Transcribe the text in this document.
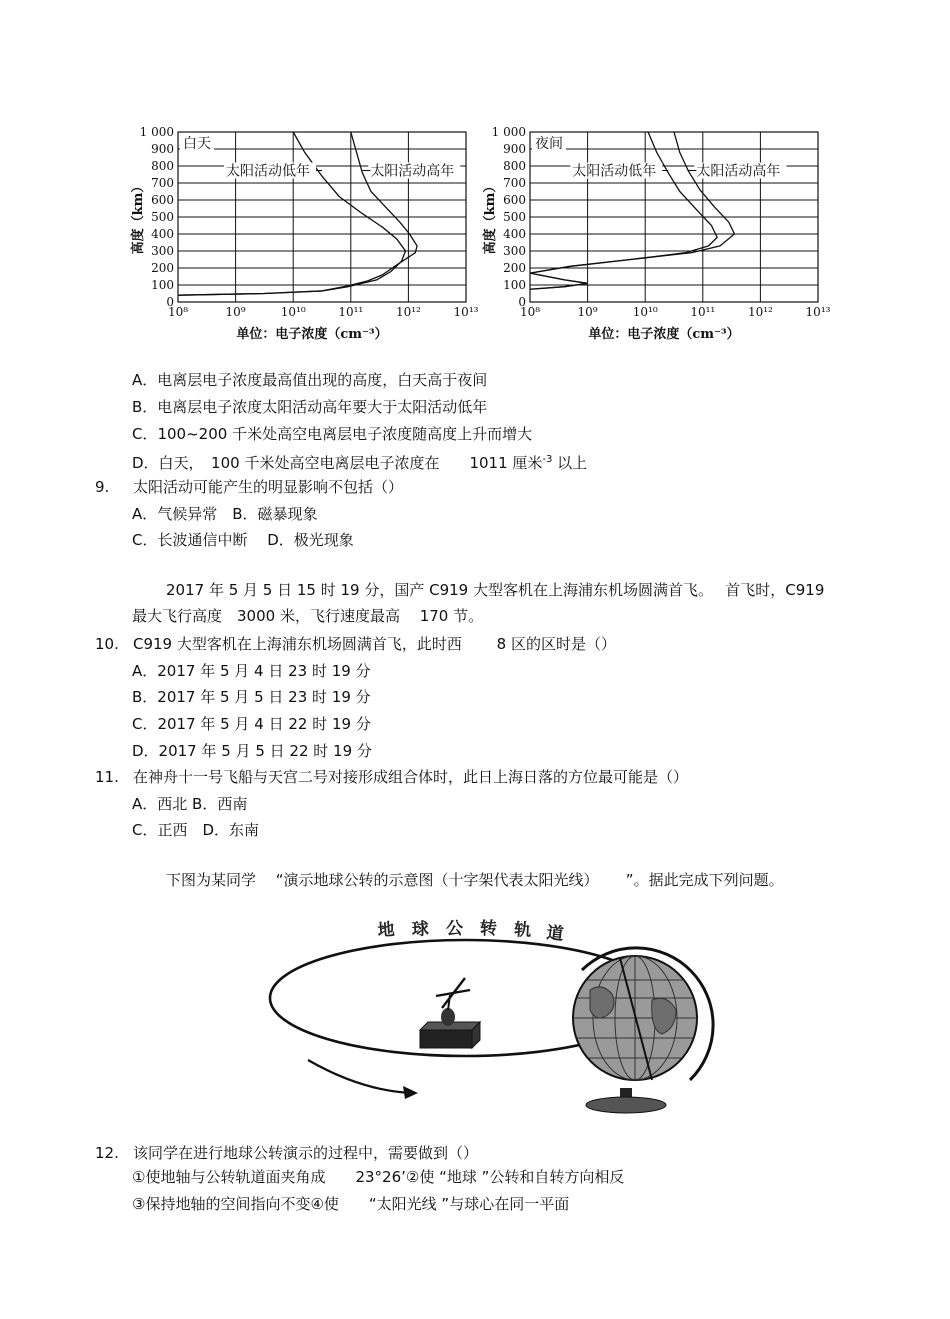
0
100
200
300
400
500
600
700
800
900
1 000
10⁸	10⁹	10¹⁰	10¹¹	10¹²	10¹³
高度（km）
单位：电子浓度（cm⁻³）
白天
太阳活动低年	太阳活动高年
0
100
200
300
400
500
600
700
800
900
1 000
10⁸	10⁹	10¹⁰	10¹¹	10¹²	10¹³
高度（km）
单位：电子浓度（cm⁻³）
夜间
太阳活动低年	太阳活动高年
A．电离层电子浓度最高值出现的高度，白天高于夜间
B．电离层电子浓度太阳活动高年要大于太阳活动低年
C．100~200 千米处高空电离层电子浓度随高度上升而增大
D．白天，　100 千米处高空电离层电子浓度在　　1011 厘米$^{-3}$ 以上
9. 太阳活动可能产生的明显影响不包括（）
A．气候异常　B．磁暴现象
C．长波通信中断　 D．极光现象
2017 年 5 月 5 日 15 时 19 分，国产 C919 大型客机在上海浦东机场圆满首飞。　 首飞时，C919
最大飞行高度　3000 米，飞行速度最高　 170 节。
10. C919 大型客机在上海浦东机场圆满首飞，此时西　　 8 区的区时是（）
A．2017 年 5 月 4 日 23 时 19 分
B．2017 年 5 月 5 日 23 时 19 分
C．2017 年 5 月 4 日 22 时 19 分
D．2017 年 5 月 5 日 22 时 19 分
11. 在神舟十一号飞船与天宫二号对接形成组合体时，此日上海日落的方位最可能是（）
A．西北 B．西南
C．正西　D．东南
下图为某同学　 “演示地球公转的示意图（十字架代表太阳光线）　　 ”。据此完成下列问题。
地 球 公 转 轨 道
12. 该同学在进行地球公转演示的过程中，需要做到（）
①使地轴与公转轨道面夹角成　　23°26’②使 “地球 ”公转和自转方向相反
③保持地轴的空间指向不变④使　　“太阳光线 ”与球心在同一平面
